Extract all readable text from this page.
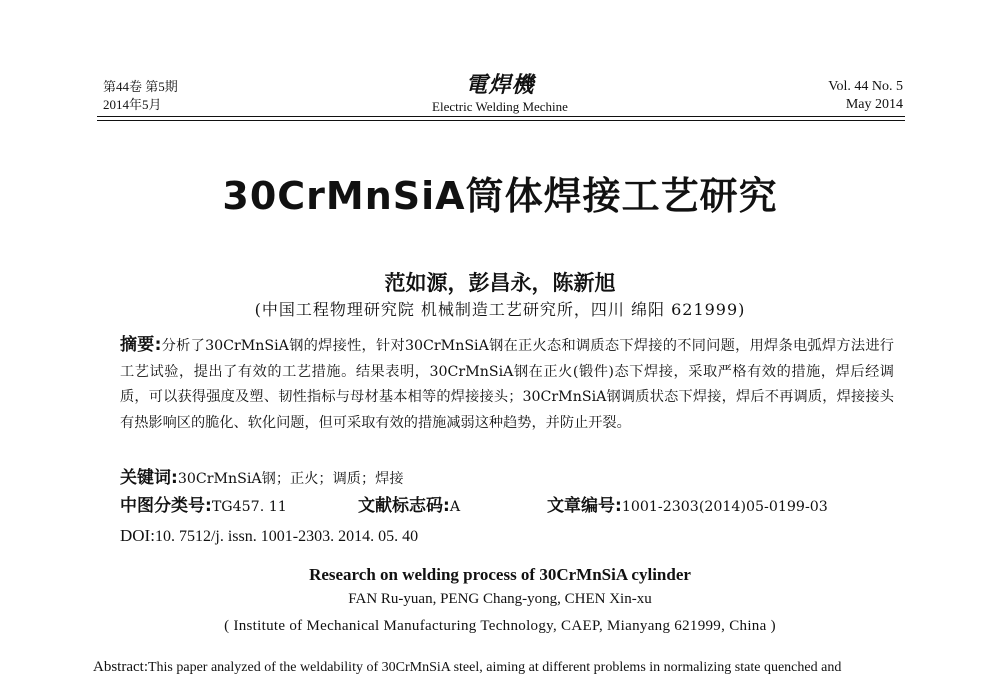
第44卷 第5期
2014年5月
電焊機
Electric Welding Mechine
Vol. 44 No. 5
May 2014
30CrMnSiA筒体焊接工艺研究
范如源，彭昌永，陈新旭
(中国工程物理研究院 机械制造工艺研究所，四川 绵阳 621999)
摘要:分析了30CrMnSiA钢的焊接性，针对30CrMnSiA钢在正火态和调质态下焊接的不同问题，用焊条电弧焊方法进行工艺试验，提出了有效的工艺措施。结果表明，30CrMnSiA钢在正火(锻件)态下焊接，采取严格有效的措施，焊后经调质，可以获得强度及塑、韧性指标与母材基本相等的焊接接头；30CrMnSiA钢调质状态下焊接，焊后不再调质，焊接接头有热影响区的脆化、软化问题，但可采取有效的措施减弱这种趋势，并防止开裂。
关键词:30CrMnSiA钢；正火；调质；焊接
中图分类号:TG457. 11	文献标志码:A	文章编号:1001-2303(2014)05-0199-03
DOI:10. 7512/j. issn. 1001-2303. 2014. 05. 40
Research on welding process of 30CrMnSiA cylinder
FAN Ru-yuan, PENG Chang-yong, CHEN Xin-xu
( Institute of Mechanical Manufacturing Technology, CAEP, Mianyang 621999, China )
Abstract:This paper analyzed of the weldability of 30CrMnSiA steel, aiming at different problems in normalizing state quenched and
